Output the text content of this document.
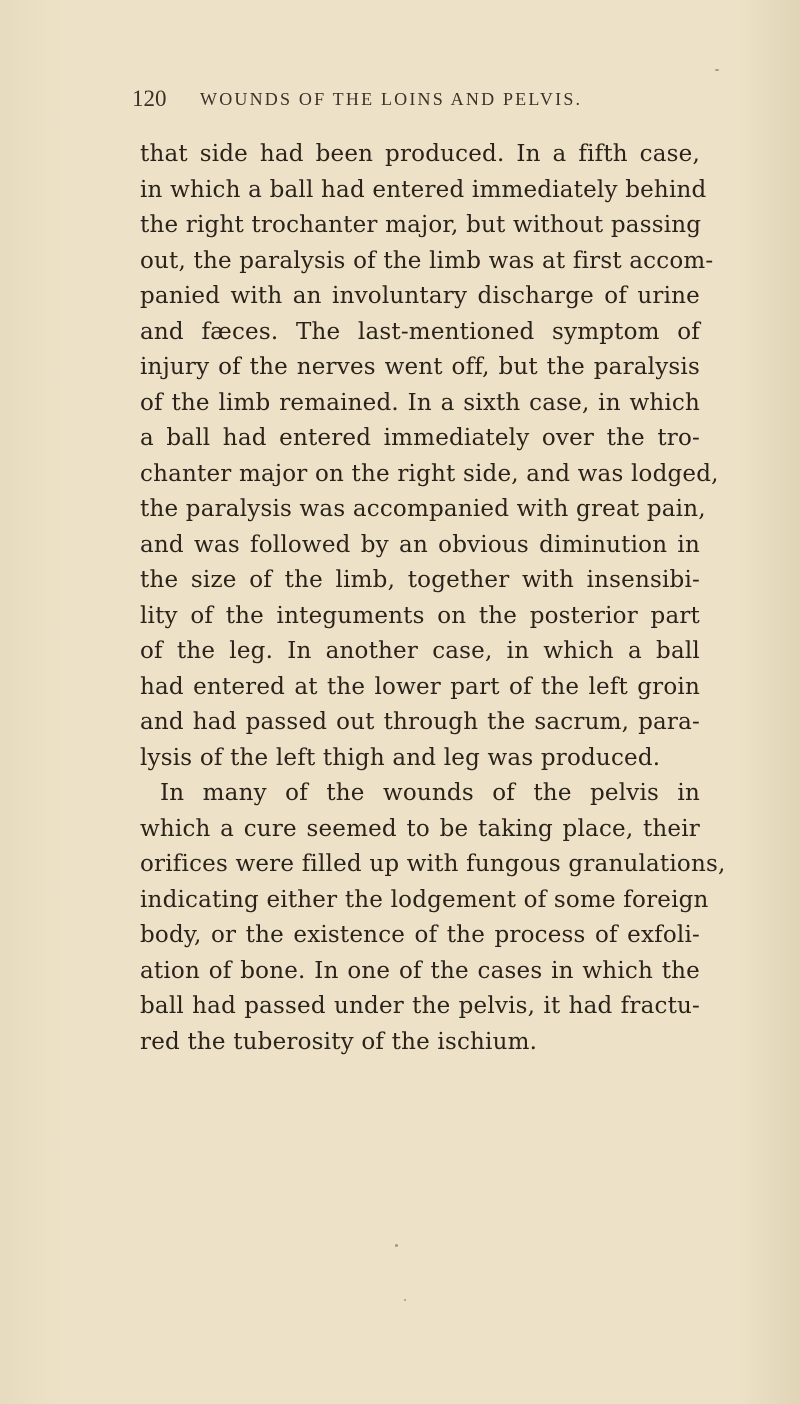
120 WOUNDS OF THE LOINS AND PELVIS.
that side had been produced. In a fifth case,
in which a ball had entered immediately behind
the right trochanter major, but without passing
out, the paralysis of the limb was at first accom-
panied with an involuntary discharge of urine
and fæces. The last-mentioned symptom of
injury of the nerves went off, but the paralysis
of the limb remained. In a sixth case, in which
a ball had entered immediately over the tro-
chanter major on the right side, and was lodged,
the paralysis was accompanied with great pain,
and was followed by an obvious diminution in
the size of the limb, together with insensibi-
lity of the integuments on the posterior part
of the leg. In another case, in which a ball
had entered at the lower part of the left groin
and had passed out through the sacrum, para-
lysis of the left thigh and leg was produced.
In many of the wounds of the pelvis in
which a cure seemed to be taking place, their
orifices were filled up with fungous granulations,
indicating either the lodgement of some foreign
body, or the existence of the process of exfoli-
ation of bone. In one of the cases in which the
ball had passed under the pelvis, it had fractu-
red the tuberosity of the ischium.
